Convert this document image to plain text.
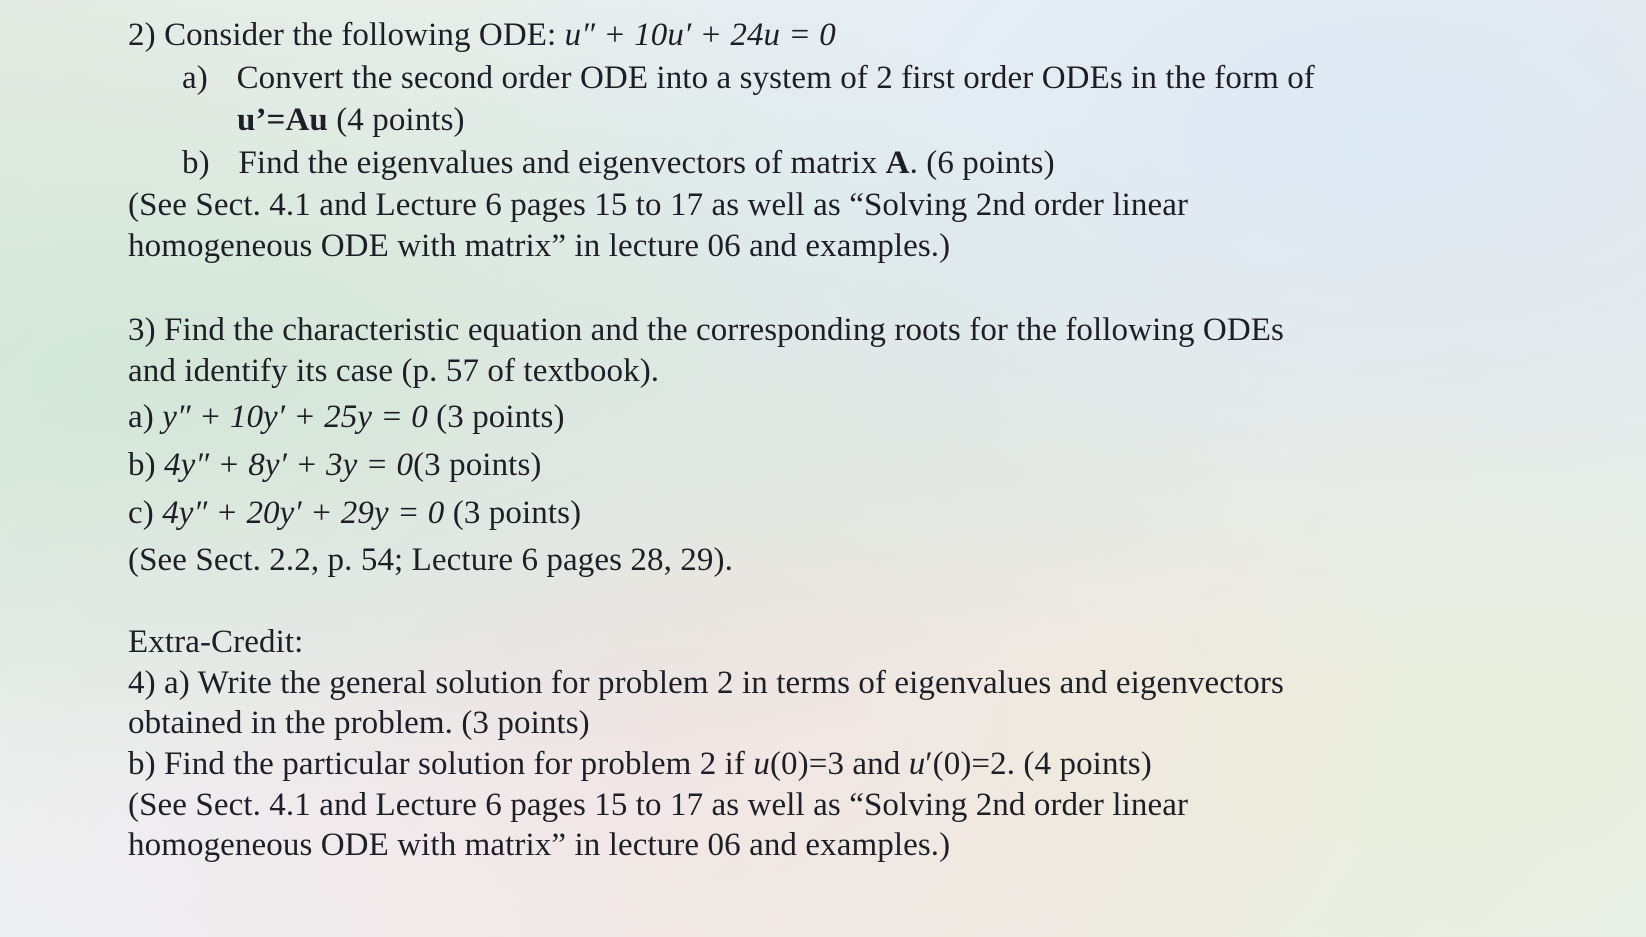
2) Consider the following ODE: u″ + 10u′ + 24u = 0
a) Convert the second order ODE into a system of 2 first order ODEs in the form of
u’=Au (4 points)
b) Find the eigenvalues and eigenvectors of matrix A. (6 points)
(See Sect. 4.1 and Lecture 6 pages 15 to 17 as well as “Solving 2nd order linear
homogeneous ODE with matrix” in lecture 06 and examples.)
3) Find the characteristic equation and the corresponding roots for the following ODEs
and identify its case (p. 57 of textbook).
a) y″ + 10y′ + 25y = 0 (3 points)
b) 4y″ + 8y′ + 3y = 0(3 points)
c) 4y″ + 20y′ + 29y = 0 (3 points)
(See Sect. 2.2, p. 54; Lecture 6 pages 28, 29).
Extra-Credit:
4) a) Write the general solution for problem 2 in terms of eigenvalues and eigenvectors
obtained in the problem. (3 points)
b) Find the particular solution for problem 2 if u(0)=3 and u′(0)=2. (4 points)
(See Sect. 4.1 and Lecture 6 pages 15 to 17 as well as “Solving 2nd order linear
homogeneous ODE with matrix” in lecture 06 and examples.)
